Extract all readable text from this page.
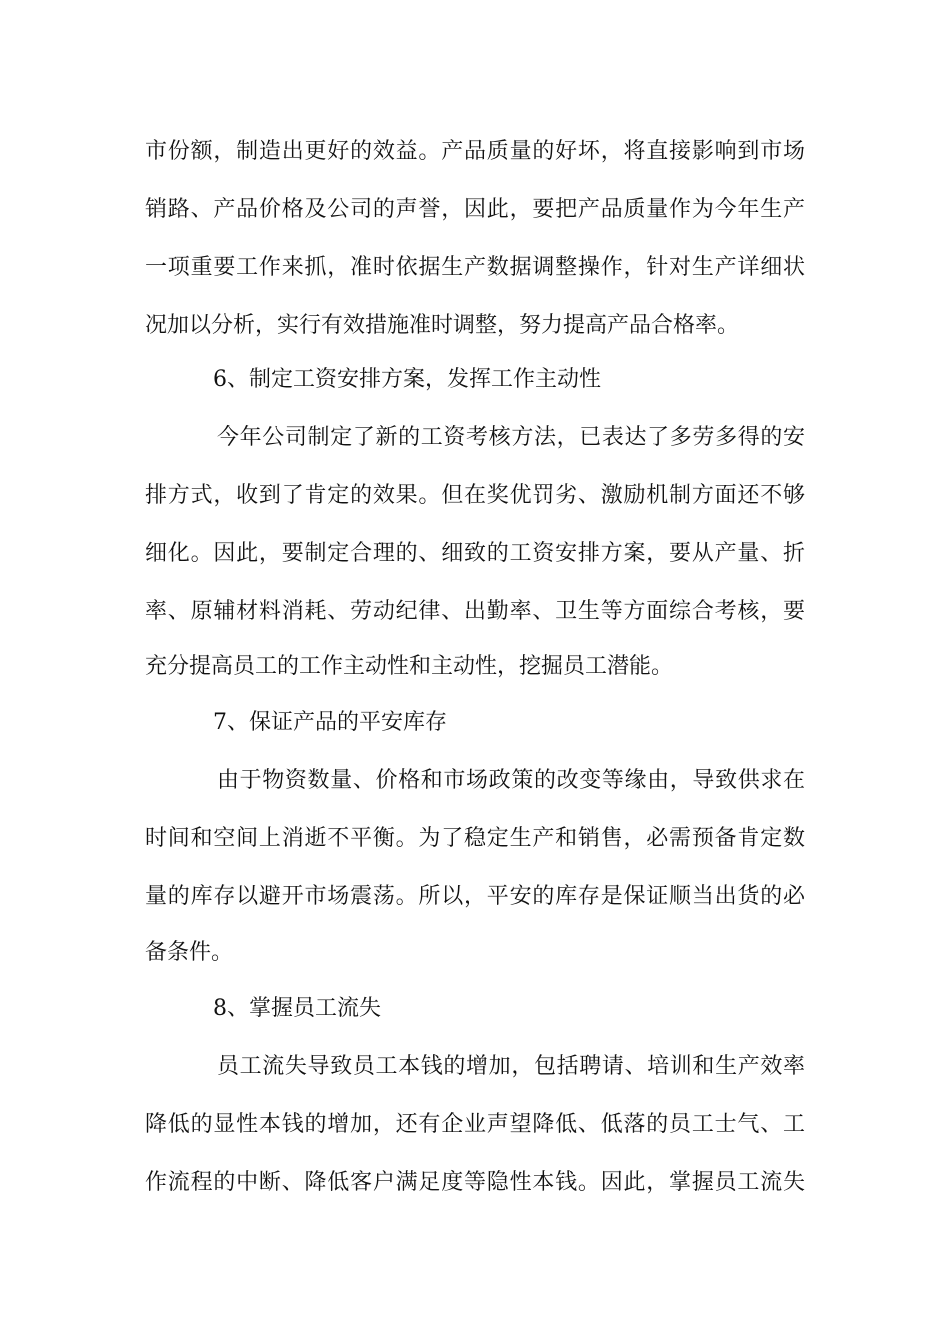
市份额，制造出更好的效益。产品质量的好坏，将直接影响到市场
销路、产品价格及公司的声誉，因此，要把产品质量作为今年生产
一项重要工作来抓，准时依据生产数据调整操作，针对生产详细状
况加以分析，实行有效措施准时调整，努力提高产品合格率。
6、制定工资安排方案，发挥工作主动性
今年公司制定了新的工资考核方法，已表达了多劳多得的安
排方式，收到了肯定的效果。但在奖优罚劣、激励机制方面还不够
细化。因此，要制定合理的、细致的工资安排方案，要从产量、折
率、原辅材料消耗、劳动纪律、出勤率、卫生等方面综合考核，要
充分提高员工的工作主动性和主动性，挖掘员工潜能。
7、保证产品的平安库存
由于物资数量、价格和市场政策的改变等缘由，导致供求在
时间和空间上消逝不平衡。为了稳定生产和销售，必需预备肯定数
量的库存以避开市场震荡。所以，平安的库存是保证顺当出货的必
备条件。
8、掌握员工流失
员工流失导致员工本钱的增加，包括聘请、培训和生产效率
降低的显性本钱的增加，还有企业声望降低、低落的员工士气、工
作流程的中断、降低客户满足度等隐性本钱。因此，掌握员工流失
